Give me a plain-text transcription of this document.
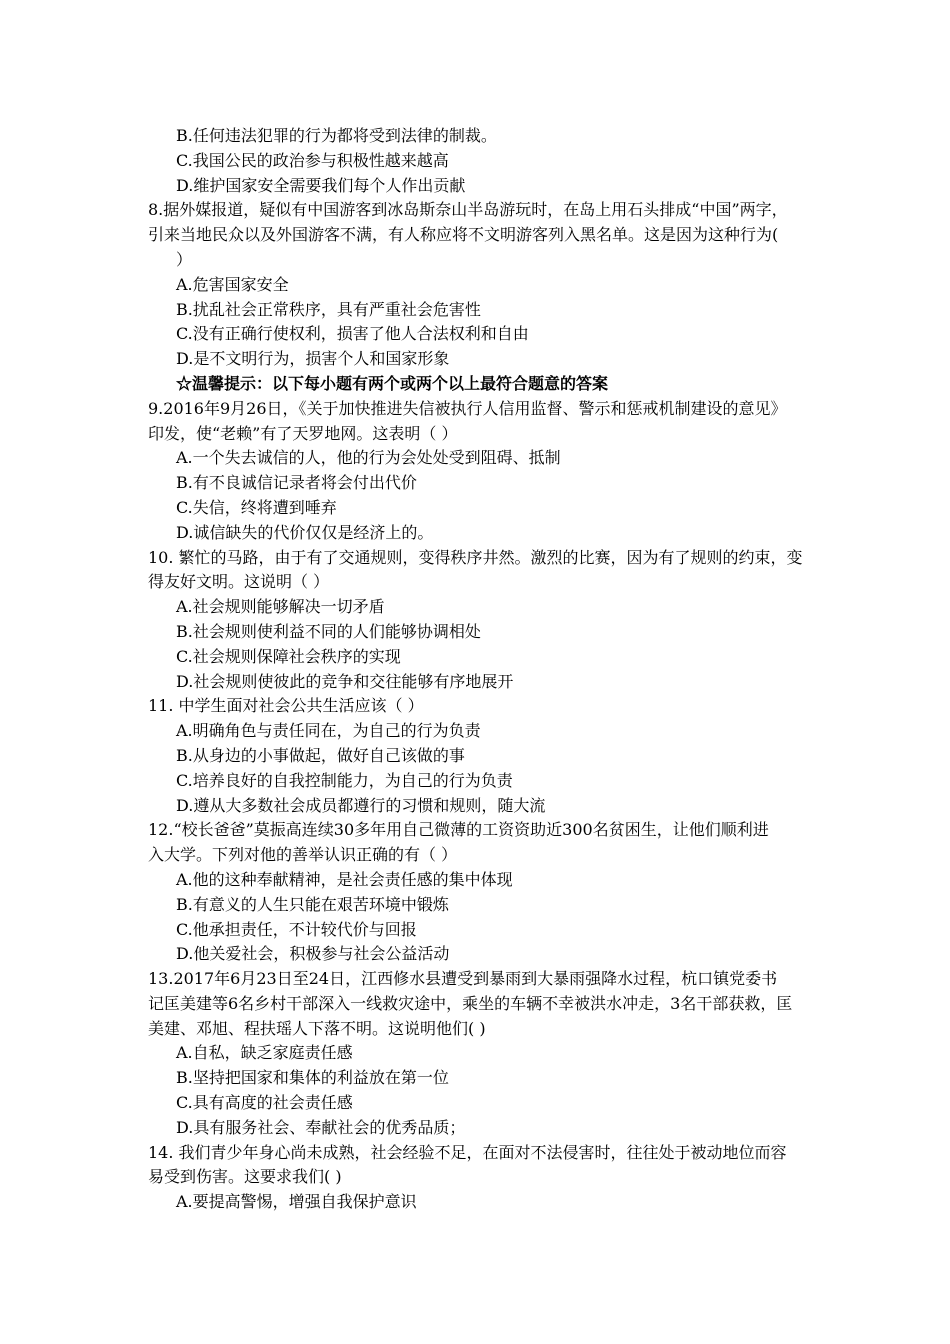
B.任何违法犯罪的行为都将受到法律的制裁。
C.我国公民的政治参与积极性越来越高
D.维护国家安全需要我们每个人作出贡献
8.据外媒报道，疑似有中国游客到冰岛斯奈山半岛游玩时，在岛上用石头排成“中国”两字，
引来当地民众以及外国游客不满，有人称应将不文明游客列入黑名单。这是因为这种行为(
）
A.危害国家安全
B.扰乱社会正常秩序，具有严重社会危害性
C.没有正确行使权利，损害了他人合法权利和自由
D.是不文明行为，损害个人和国家形象
☆温馨提示：以下每小题有两个或两个以上最符合题意的答案
9.2016年9月26日，《关于加快推进失信被执行人信用监督、警示和惩戒机制建设的意见》
印发，使“老赖”有了天罗地网。这表明（ ）
A.一个失去诚信的人，他的行为会处处受到阻碍、抵制
B.有不良诚信记录者将会付出代价
C.失信，终将遭到唾弃
D.诚信缺失的代价仅仅是经济上的。
10. 繁忙的马路，由于有了交通规则，变得秩序井然。激烈的比赛，因为有了规则的约束，变
得友好文明。这说明（ ）
A.社会规则能够解决一切矛盾
B.社会规则使利益不同的人们能够协调相处
C.社会规则保障社会秩序的实现
D.社会规则使彼此的竞争和交往能够有序地展开
11. 中学生面对社会公共生活应该（ ）
A.明确角色与责任同在，为自己的行为负责
B.从身边的小事做起，做好自己该做的事
C.培养良好的自我控制能力，为自己的行为负责
D.遵从大多数社会成员都遵行的习惯和规则，随大流
12.“校长爸爸”莫振高连续30多年用自己微薄的工资资助近300名贫困生，让他们顺利进
入大学。下列对他的善举认识正确的有（ ）
A.他的这种奉献精神，是社会责任感的集中体现
B.有意义的人生只能在艰苦环境中锻炼
C.他承担责任，不计较代价与回报
D.他关爱社会，积极参与社会公益活动
13.2017年6月23日至24日，江西修水县遭受到暴雨到大暴雨强降水过程，杭口镇党委书
记匡美建等6名乡村干部深入一线救灾途中，乘坐的车辆不幸被洪水冲走，3名干部获救，匡
美建、邓旭、程扶瑶人下落不明。这说明他们( )
A.自私，缺乏家庭责任感
B.坚持把国家和集体的利益放在第一位
C.具有高度的社会责任感
D.具有服务社会、奉献社会的优秀品质；
14. 我们青少年身心尚未成熟，社会经验不足，在面对不法侵害时，往往处于被动地位而容
易受到伤害。这要求我们( )
A.要提高警惕，增强自我保护意识
